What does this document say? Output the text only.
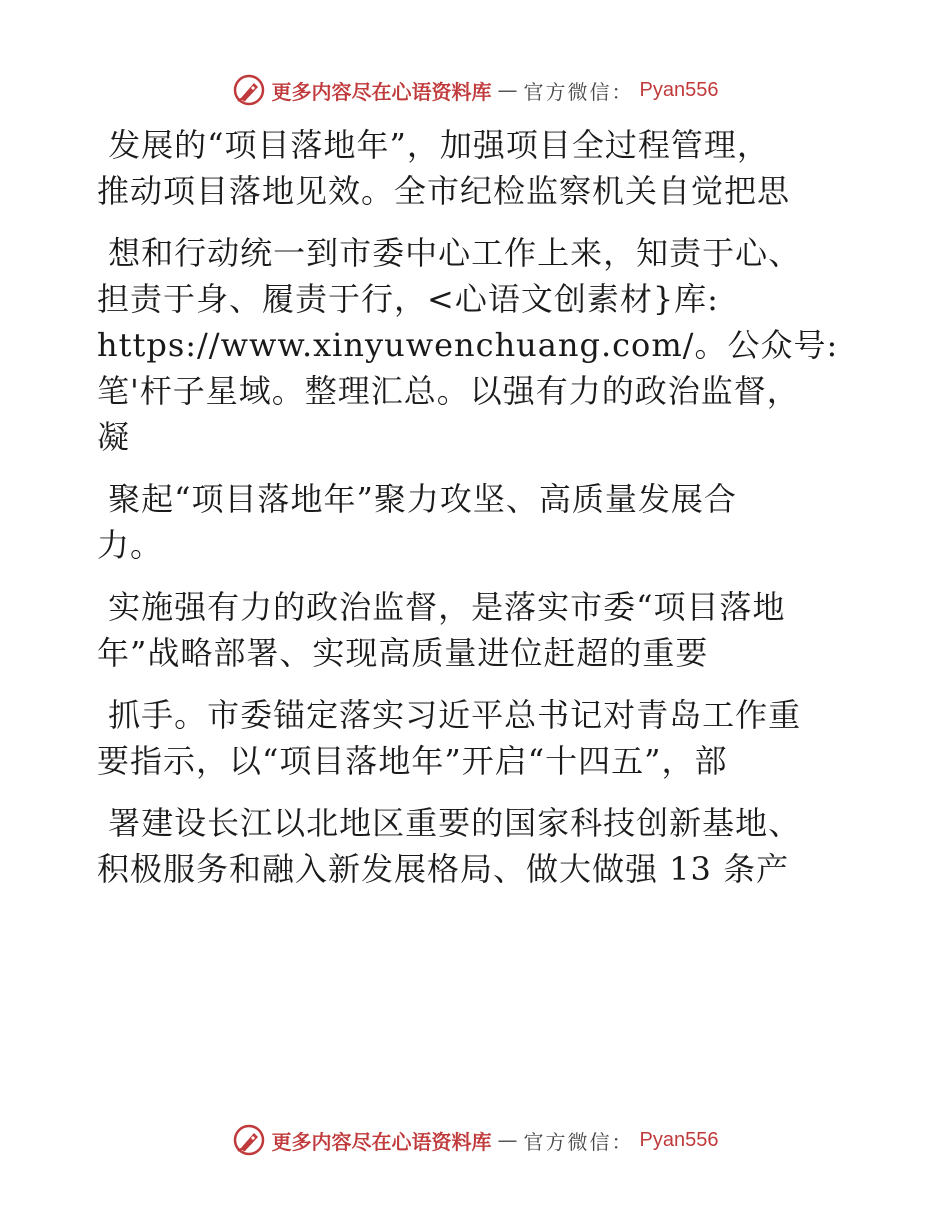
更多内容尽在心语资料库 — 官方微信： Pyan556

发展的“项目落地年”，加强项目全过程管理，

推动项目落地见效。全市纪检监察机关自觉把思

想和行动统一到市委中心工作上来，知责于心、

担责于身、履责于行，<心语文创素材}库:

https://www.xinyuwenchuang.com/。公众号:

笔'杆子星域。整理汇总。以强有力的政治监督，

凝

聚起“项目落地年”聚力攻坚、高质量发展合

力。

实施强有力的政治监督，是落实市委“项目落地

年”战略部署、实现高质量进位赶超的重要

抓手。市委锚定落实习近平总书记对青岛工作重

要指示，以“项目落地年”开启“十四五”，部

署建设长江以北地区重要的国家科技创新基地、

积极服务和融入新发展格局、做大做强 13 条产

更多内容尽在心语资料库 — 官方微信： Pyan556
